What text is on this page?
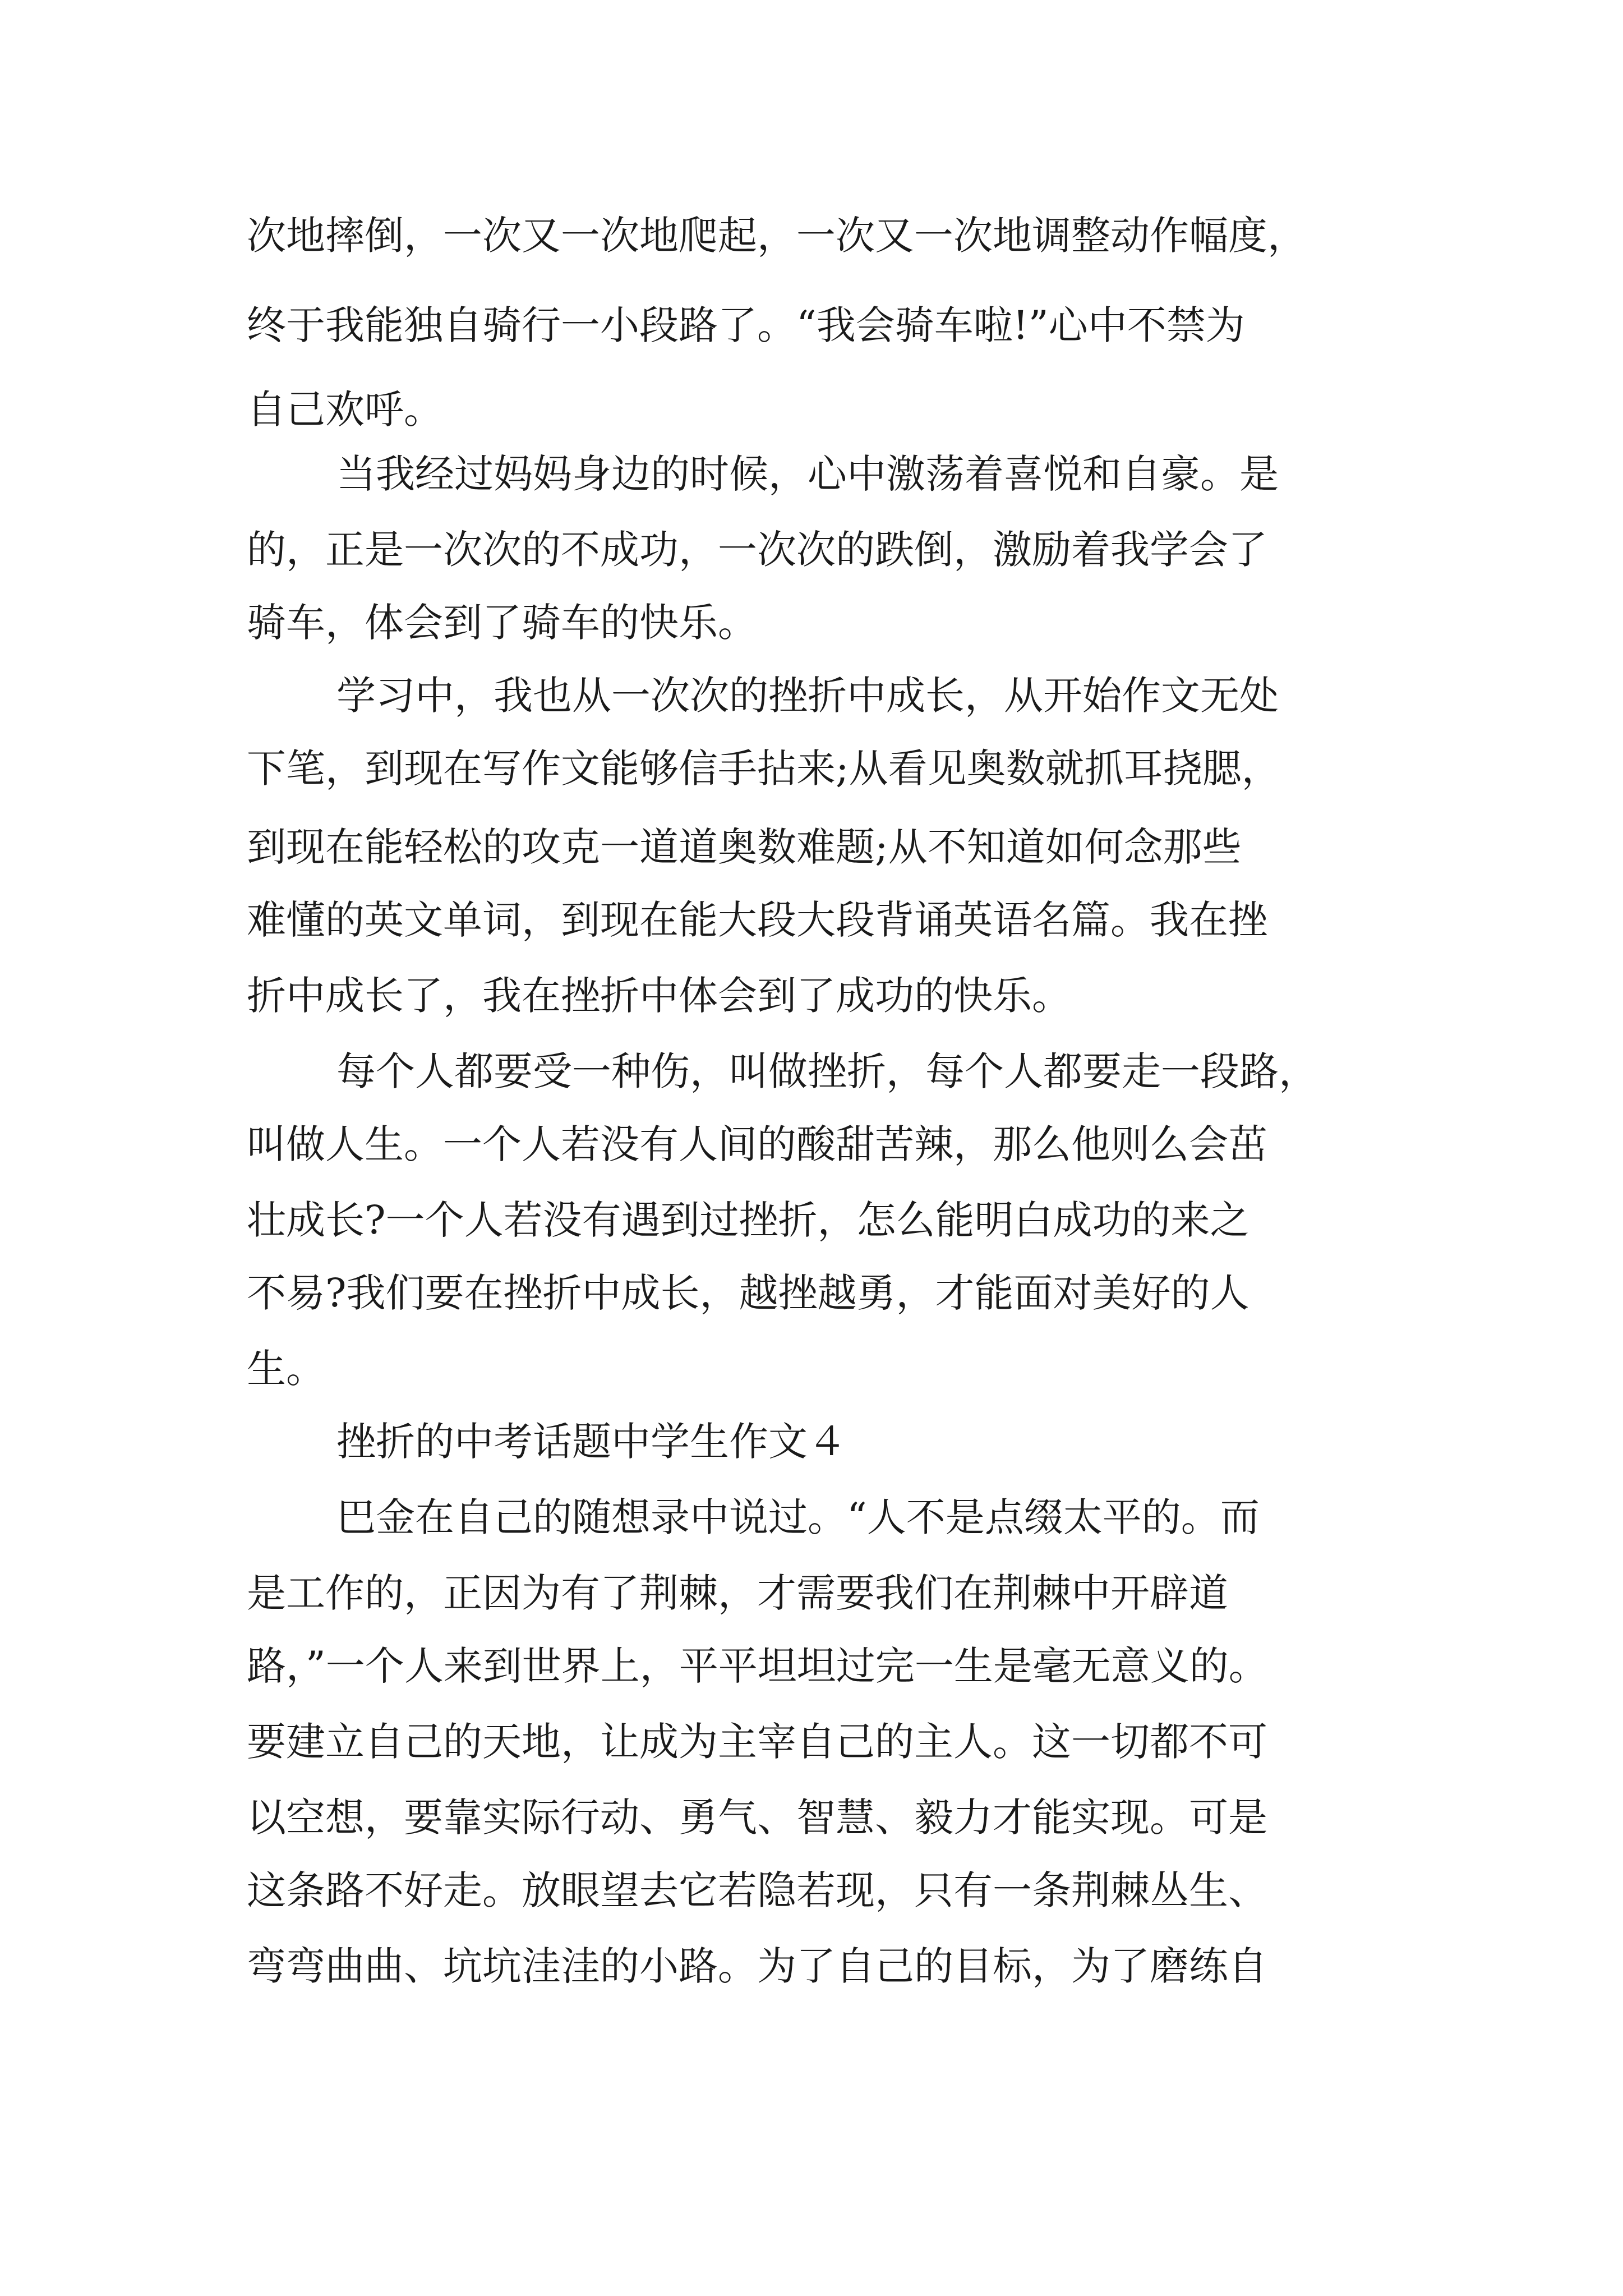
次地摔倒，一次又一次地爬起，一次又一次地调整动作幅度，

终于我能独自骑行一小段路了。“我会骑车啦!”心中不禁为

自己欢呼。

当我经过妈妈身边的时候，心中激荡着喜悦和自豪。是

的，正是一次次的不成功，一次次的跌倒，激励着我学会了

骑车，体会到了骑车的快乐。

学习中，我也从一次次的挫折中成长，从开始作文无处

下笔，到现在写作文能够信手拈来;从看见奥数就抓耳挠腮，

到现在能轻松的攻克一道道奥数难题;从不知道如何念那些

难懂的英文单词，到现在能大段大段背诵英语名篇。我在挫

折中成长了，我在挫折中体会到了成功的快乐。

每个人都要受一种伤，叫做挫折，每个人都要走一段路，

叫做人生。一个人若没有人间的酸甜苦辣，那么他则么会茁

壮成长?一个人若没有遇到过挫折，怎么能明白成功的来之

不易?我们要在挫折中成长，越挫越勇，才能面对美好的人

生。

挫折的中考话题中学生作文４

巴金在自己的随想录中说过。“人不是点缀太平的。而

是工作的，正因为有了荆棘，才需要我们在荆棘中开辟道

路，”一个人来到世界上，平平坦坦过完一生是毫无意义的。

要建立自己的天地，让成为主宰自己的主人。这一切都不可

以空想，要靠实际行动、勇气、智慧、毅力才能实现。可是

这条路不好走。放眼望去它若隐若现，只有一条荆棘丛生、

弯弯曲曲、坑坑洼洼的小路。为了自己的目标，为了磨练自
